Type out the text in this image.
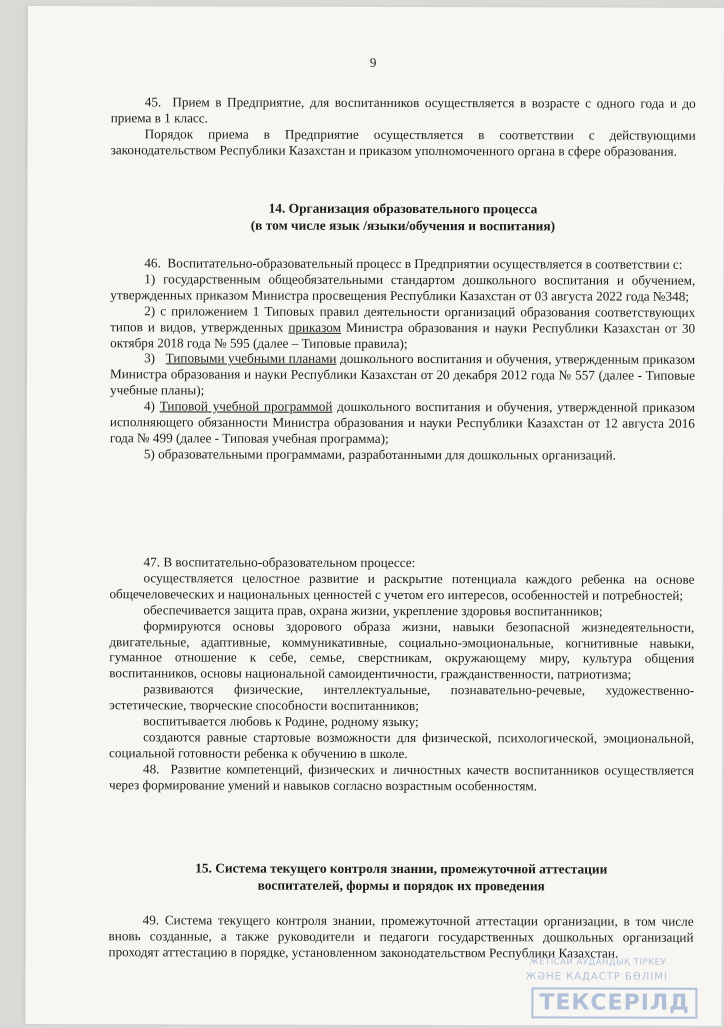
9

45.  Прием в Предприятие, для воспитанников осуществляется в возрасте с одного года и до приема в 1 класс.

Порядок приема в Предприятие осуществляется в соответствии с действующими законодательством Республики Казахстан и приказом уполномоченного органа в сфере образования.

14. Организация образовательного процесса
(в том числе язык /языки/обучения и воспитания)

46.  Воспитательно-образовательный процесс в Предприятии осуществляется в соответствии с:

1) государственным общеобязательными стандартом дошкольного воспитания и обучением, утвержденных приказом Министра просвещения Республики Казахстан от 03 августа 2022 года №348;

2) с приложением 1 Типовых правил деятельности организаций образования соответствующих типов и видов, утвержденных приказом Министра образования и науки Республики Казахстан от 30 октября 2018 года № 595 (далее – Типовые правила);

3)   Типовыми учебными планами дошкольного воспитания и обучения, утвержденным приказом Министра образования и науки Республики Казахстан от 20 декабря 2012 года № 557 (далее - Типовые учебные планы);

4) Типовой учебной программой дошкольного воспитания и обучения, утвержденной приказом исполняющего обязанности Министра образования и науки Республики Казахстан от 12 августа 2016 года № 499 (далее - Типовая учебная программа);

5) образовательными программами, разработанными для дошкольных организаций.

47. В воспитательно-образовательном процессе:

осуществляется целостное развитие и раскрытие потенциала каждого ребенка на основе общечеловеческих и национальных ценностей с учетом его интересов, особенностей и потребностей;

обеспечивается защита прав, охрана жизни, укрепление здоровья воспитанников;

формируются основы здорового образа жизни, навыки безопасной жизнедеятельности, двигательные, адаптивные, коммуникативные, социально-эмоциональные, когнитивные навыки, гуманное отношение к себе, семье, сверстникам, окружающему миру, культура общения воспитанников, основы национальной самоидентичности, гражданственности, патриотизма;

развиваются физические, интеллектуальные, познавательно-речевые, художественно-эстетические, творческие способности воспитанников;

воспитывается любовь к Родине, родному языку;

создаются равные стартовые возможности для физической, психологической, эмоциональной, социальной готовности ребенка к обучению в школе.

48.  Развитие компетенций, физических и личностных качеств воспитанников осуществляется через формирование умений и навыков согласно возрастным особенностям.

15. Система текущего контроля знании, промежуточной аттестации
воспитателей, формы и порядок их проведения

49. Система текущего контроля знании, промежуточной аттестации организации, в том числе вновь созданные, а также руководители и педагоги государственных дошкольных организаций проходят аттестацию в порядке, установленном законодательством Республики Казахстан.

ЖЕТІСАЙ АУДАНДЫҚ ТІРКЕУ
ЖӘНЕ КАДАСТР БӨЛІМІ
ТЕКСЕРІЛД
